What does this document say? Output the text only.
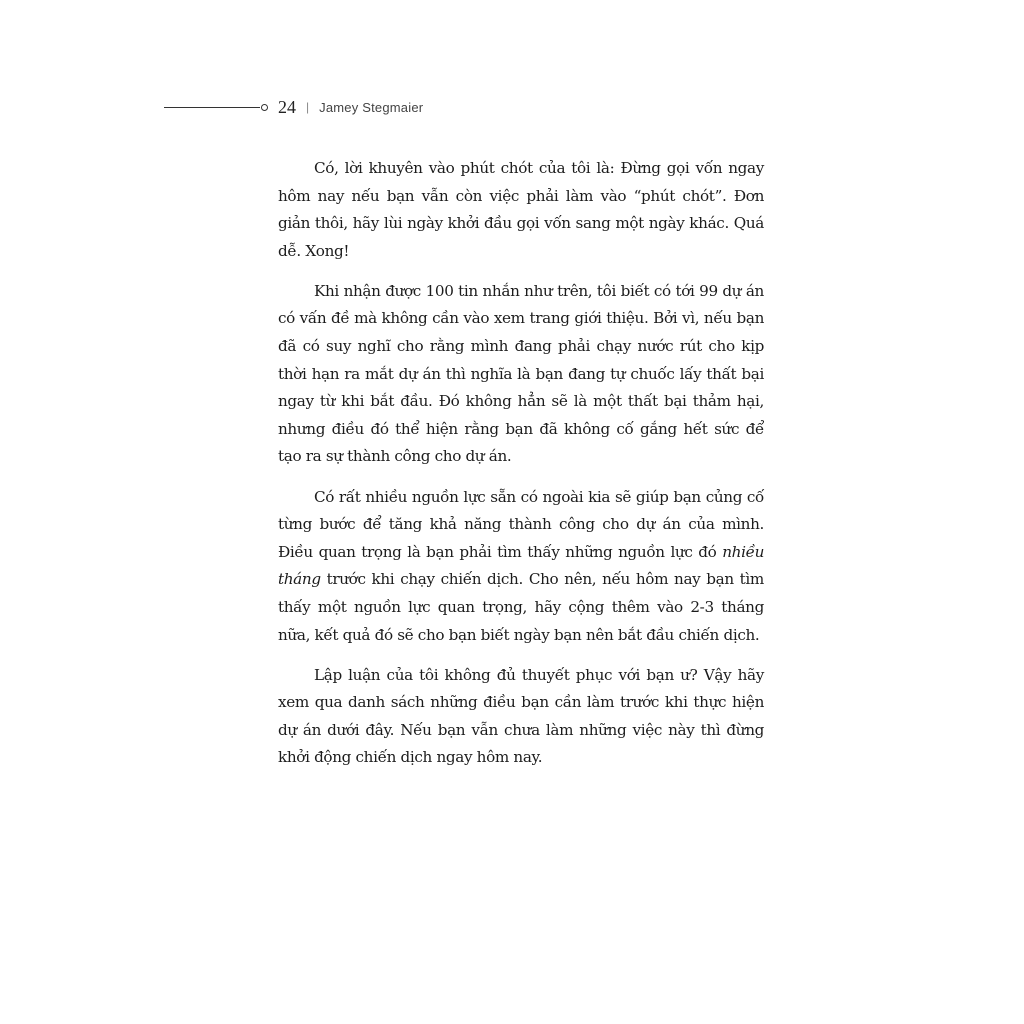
24 | Jamey Stegmaier

Có, lời khuyên vào phút chót của tôi là: Đừng gọi vốn ngay hôm nay nếu bạn vẫn còn việc phải làm vào “phút chót”. Đơn giản thôi, hãy lùi ngày khởi đầu gọi vốn sang một ngày khác. Quá dễ. Xong!

Khi nhận được 100 tin nhắn như trên, tôi biết có tới 99 dự án có vấn đề mà không cần vào xem trang giới thiệu. Bởi vì, nếu bạn đã có suy nghĩ cho rằng mình đang phải chạy nước rút cho kịp thời hạn ra mắt dự án thì nghĩa là bạn đang tự chuốc lấy thất bại ngay từ khi bắt đầu. Đó không hẳn sẽ là một thất bại thảm hại, nhưng điều đó thể hiện rằng bạn đã không cố gắng hết sức để tạo ra sự thành công cho dự án.

Có rất nhiều nguồn lực sẵn có ngoài kia sẽ giúp bạn củng cố từng bước để tăng khả năng thành công cho dự án của mình. Điều quan trọng là bạn phải tìm thấy những nguồn lực đó nhiều tháng trước khi chạy chiến dịch. Cho nên, nếu hôm nay bạn tìm thấy một nguồn lực quan trọng, hãy cộng thêm vào 2-3 tháng nữa, kết quả đó sẽ cho bạn biết ngày bạn nên bắt đầu chiến dịch.

Lập luận của tôi không đủ thuyết phục với bạn ư? Vậy hãy xem qua danh sách những điều bạn cần làm trước khi thực hiện dự án dưới đây. Nếu bạn vẫn chưa làm những việc này thì đừng khởi động chiến dịch ngay hôm nay.
